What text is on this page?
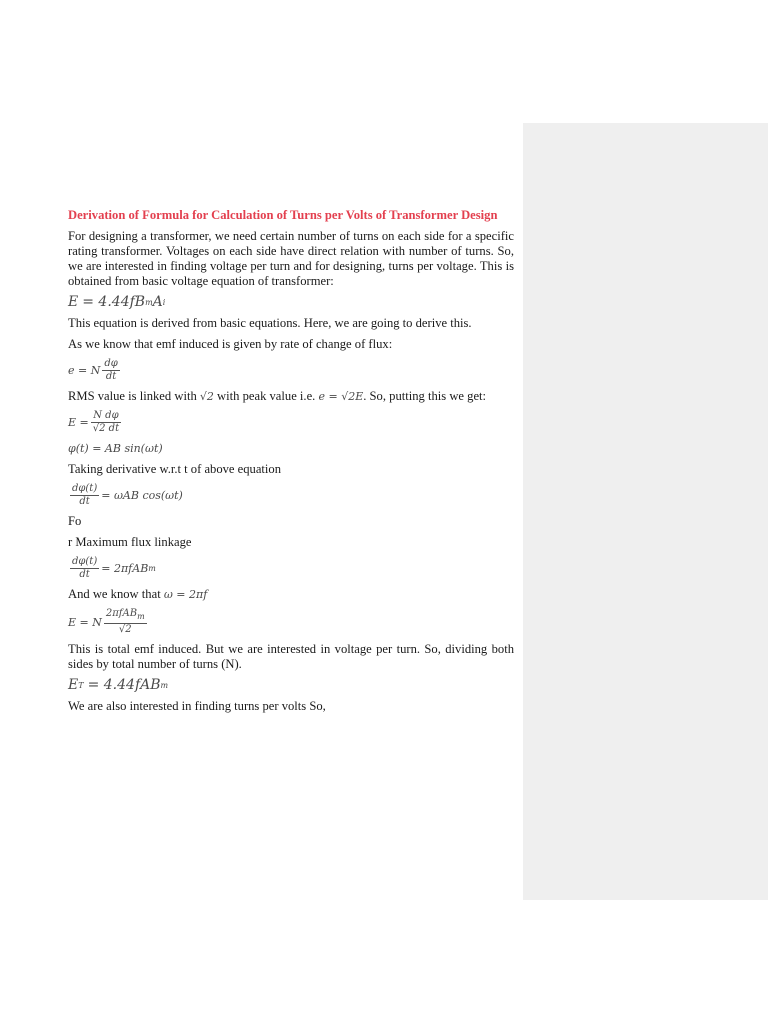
Derivation of Formula for Calculation of Turns per Volts of Transformer Design

For designing a transformer, we need certain number of turns on each side for a specific rating transformer. Voltages on each side have direct relation with number of turns. So, we are interested in finding voltage per turn and for designing, turns per voltage. This is obtained from basic voltage equation of transformer:

E
= 4.44fB m A i

This equation is derived from basic equations. Here, we are going to derive this.

As we know that emf induced is given by rate of change of flux:

e = N $\frac{d\varphi}{dt}$

RMS value is linked with √2 with peak value i.e. e = √2E. So, putting this we get:

$E = \frac{\text{N dφ}}{√2 dt}$
φ(t) = AB sin(ωt)

Taking derivative w.r.t t of above equation

$\frac{d\varphi(t)}{dt} = \omega AB$ cos(ωt)

Fo

r Maximum flux linkage

$\frac{d\varphi(t)}{dt} = 2\pi fAB$ m

And we know that ω = 2πf

E = N $\frac{2\pi fAB_m}{√2}$

This is total emf induced. But we are interested in voltage per turn. So, dividing both sides by total number of turns (N).

E T
= 4.44fAB m

We are also interested in finding turns per volts So,
